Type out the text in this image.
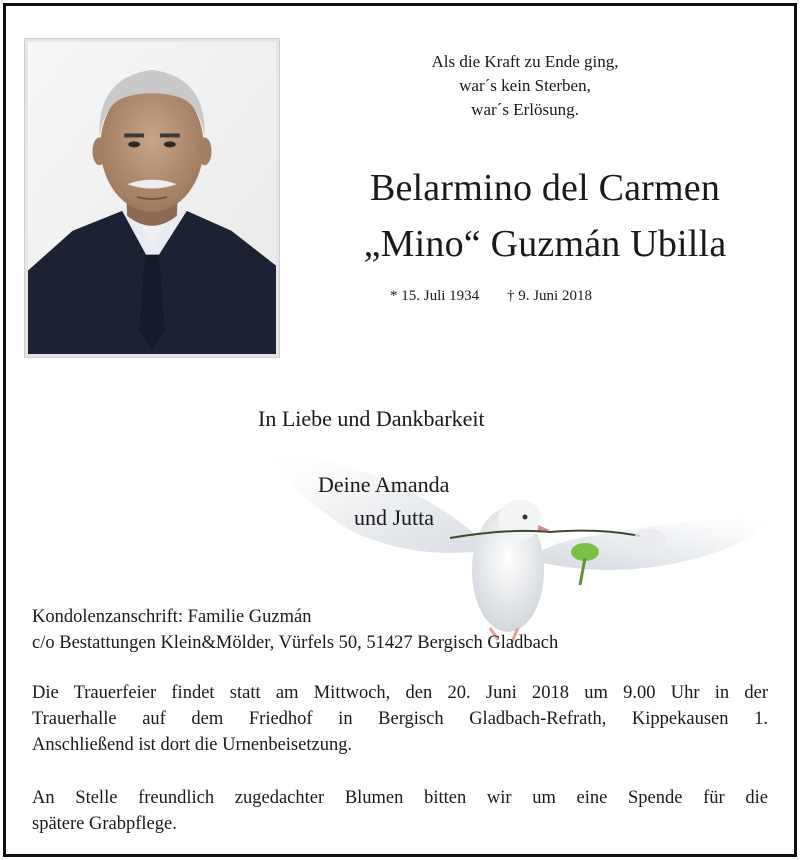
Als die Kraft zu Ende ging,
war´s kein Sterben,
war´s Erlösung.
Belarmino del Carmen
„Mino“ Guzmán Ubilla
* 15. Juli 1934 † 9. Juni 2018
In Liebe und Dankbarkeit
Deine Amanda
und Jutta
Kondolenzanschrift: Familie Guzmán
c/o Bestattungen Klein&Mölder, Vürfels 50, 51427 Bergisch Gladbach
Die Trauerfeier findet statt am Mittwoch, den 20. Juni 2018 um 9.00 Uhr in der
Trauerhalle auf dem Friedhof in Bergisch Gladbach-Refrath, Kippekausen 1.
Anschließend ist dort die Urnenbeisetzung.
An Stelle freundlich zugedachter Blumen bitten wir um eine Spende für die
spätere Grabpflege.
